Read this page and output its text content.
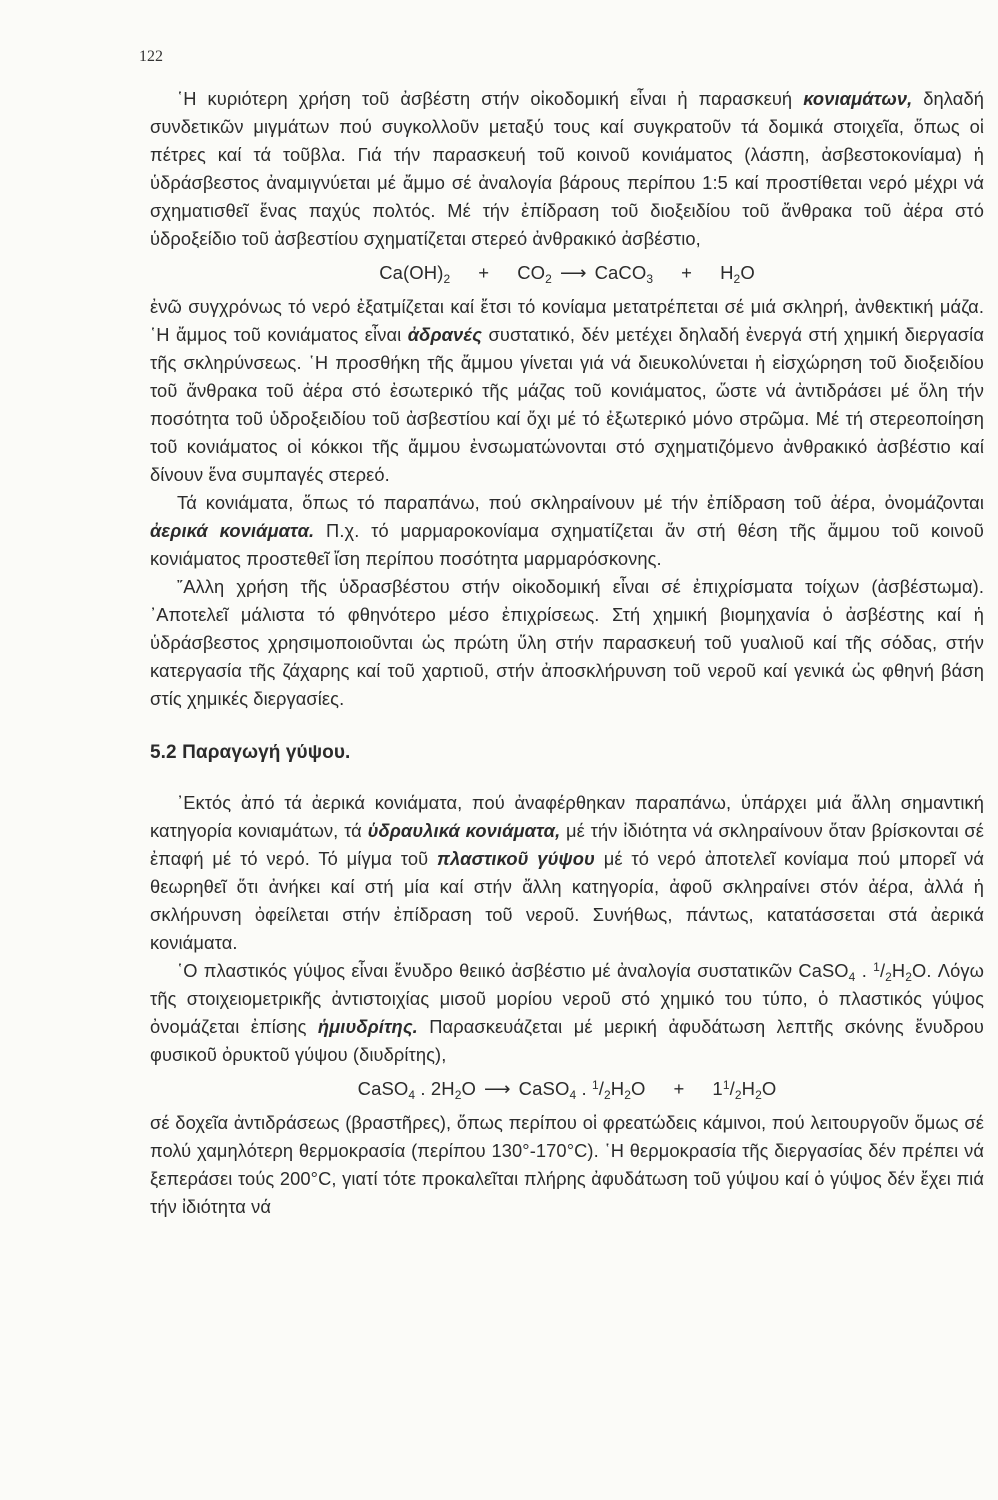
122

῾Η κυριότερη χρήση τοῦ ἀσβέστη στήν οἰκοδομική εἶναι ἡ παρασκευή κονιαμάτων, δηλαδή συνδετικῶν μιγμάτων πού συγκολλοῦν μεταξύ τους καί συγκρατοῦν τά δομικά στοιχεῖα, ὅπως οἱ πέτρες καί τά τοῦβλα. Γιά τήν παρασκευή τοῦ κοινοῦ κονιάματος (λάσπη, ἀσβεστοκονίαμα) ἡ ὑδράσβεστος ἀναμιγνύεται μέ ἄμμο σέ ἀναλογία βάρους περίπου 1:5 καί προστίθεται νερό μέχρι νά σχηματισθεῖ ἕνας παχύς πολτός. Μέ τήν ἐπίδραση τοῦ διοξειδίου τοῦ ἄνθρακα τοῦ ἀέρα στό ὑδροξείδιο τοῦ ἀσβεστίου σχηματίζεται στερεό ἀνθρακικό ἀσβέστιο,

$Ca(OH)_2 + CO_2$ ⟶ CaCO$_3$ + $H_2O$

ἐνῶ συγχρόνως τό νερό ἐξατμίζεται καί ἔτσι τό κονίαμα μετατρέπεται σέ μιά σκληρή, ἀνθεκτική μάζα. ῾Η ἄμμος τοῦ κονιάματος εἶναι ἀδρανές συστατικό, δέν μετέχει δηλαδή ἐνεργά στή χημική διεργασία τῆς σκληρύνσεως. ῾Η προσθήκη τῆς ἄμμου γίνεται γιά νά διευκολύνεται ἡ εἰσχώρηση τοῦ διοξειδίου τοῦ ἄνθρακα τοῦ ἀέρα στό ἐσωτερικό τῆς μάζας τοῦ κονιάματος, ὥστε νά ἀντιδράσει μέ ὅλη τήν ποσότητα τοῦ ὑδροξειδίου τοῦ ἀσβεστίου καί ὄχι μέ τό ἐξωτερικό μόνο στρῶμα. Μέ τή στερεοποίηση τοῦ κονιάματος οἱ κόκκοι τῆς ἄμμου ἐνσωματώνονται στό σχηματιζόμενο ἀνθρακικό ἀσβέστιο καί δίνουν ἕνα συμπαγές στερεό.

Τά κονιάματα, ὅπως τό παραπάνω, πού σκληραίνουν μέ τήν ἐπίδραση τοῦ ἀέρα, ὀνομάζονται ἀερικά κονιάματα. Π.χ. τό μαρμαροκονίαμα σχηματίζεται ἄν στή θέση τῆς ἄμμου τοῦ κοινοῦ κονιάματος προστεθεῖ ἴση περίπου ποσότητα μαρμαρόσκονης.

῎Αλλη χρήση τῆς ὑδρασβέστου στήν οἰκοδομική εἶναι σέ ἐπιχρίσματα τοίχων (ἀσβέστωμα). ᾿Αποτελεῖ μάλιστα τό φθηνότερο μέσο ἐπιχρίσεως. Στή χημική βιομηχανία ὁ ἀσβέστης καί ἡ ὑδράσβεστος χρησιμοποιοῦνται ὡς πρώτη ὕλη στήν παρασκευή τοῦ γυαλιοῦ καί τῆς σόδας, στήν κατεργασία τῆς ζάχαρης καί τοῦ χαρτιοῦ, στήν ἀποσκλήρυνση τοῦ νεροῦ καί γενικά ὡς φθηνή βάση στίς χημικές διεργασίες.

5.2 Παραγωγή γύψου.

᾿Εκτός ἀπό τά ἀερικά κονιάματα, πού ἀναφέρθηκαν παραπάνω, ὑπάρχει μιά ἄλλη σημαντική κατηγορία κονιαμάτων, τά ὑδραυλικά κονιάματα, μέ τήν ἰδιότητα νά σκληραίνουν ὅταν βρίσκονται σέ ἐπαφή μέ τό νερό. Τό μίγμα τοῦ πλαστικοῦ γύψου μέ τό νερό ἀποτελεῖ κονίαμα πού μπορεῖ νά θεωρηθεῖ ὅτι ἀνήκει καί στή μία καί στήν ἄλλη κατηγορία, ἀφοῦ σκληραίνει στόν ἀέρα, ἀλλά ἡ σκλήρυνση ὀφείλεται στήν ἐπίδραση τοῦ νεροῦ. Συνήθως, πάντως, κατατάσσεται στά ἀερικά κονιάματα.

῾Ο πλαστικός γύψος εἶναι ἔνυδρο θειικό ἀσβέστιο μέ ἀναλογία συστατικῶν CaSO$_4$ . $^1/_2H_2O$. Λόγω τῆς στοιχειομετρικῆς ἀντιστοιχίας μισοῦ μορίου νεροῦ στό χημικό του τύπο, ὁ πλαστικός γύψος ὀνομάζεται ἐπίσης ἡμιυδρίτης. Παρασκευάζεται μέ μερική ἀφυδάτωση λεπτῆς σκόνης ἔνυδρου φυσικοῦ ὀρυκτοῦ γύψου (διυδρίτης),

CaSO$_4$ . $2H_2O$ ⟶ CaSO$_4$ . $^1/_2H_2O + 1^1/_2H_2O$

σέ δοχεῖα ἀντιδράσεως (βραστῆρες), ὅπως περίπου οἱ φρεατώδεις κάμινοι, πού λειτουργοῦν ὅμως σέ πολύ χαμηλότερη θερμοκρασία (περίπου 130°-170°C). ῾Η θερμοκρασία τῆς διεργασίας δέν πρέπει νά ξεπεράσει τούς 200°C, γιατί τότε προκαλεῖται πλήρης ἀφυδάτωση τοῦ γύψου καί ὁ γύψος δέν ἔχει πιά τήν ἰδιότητα νά
